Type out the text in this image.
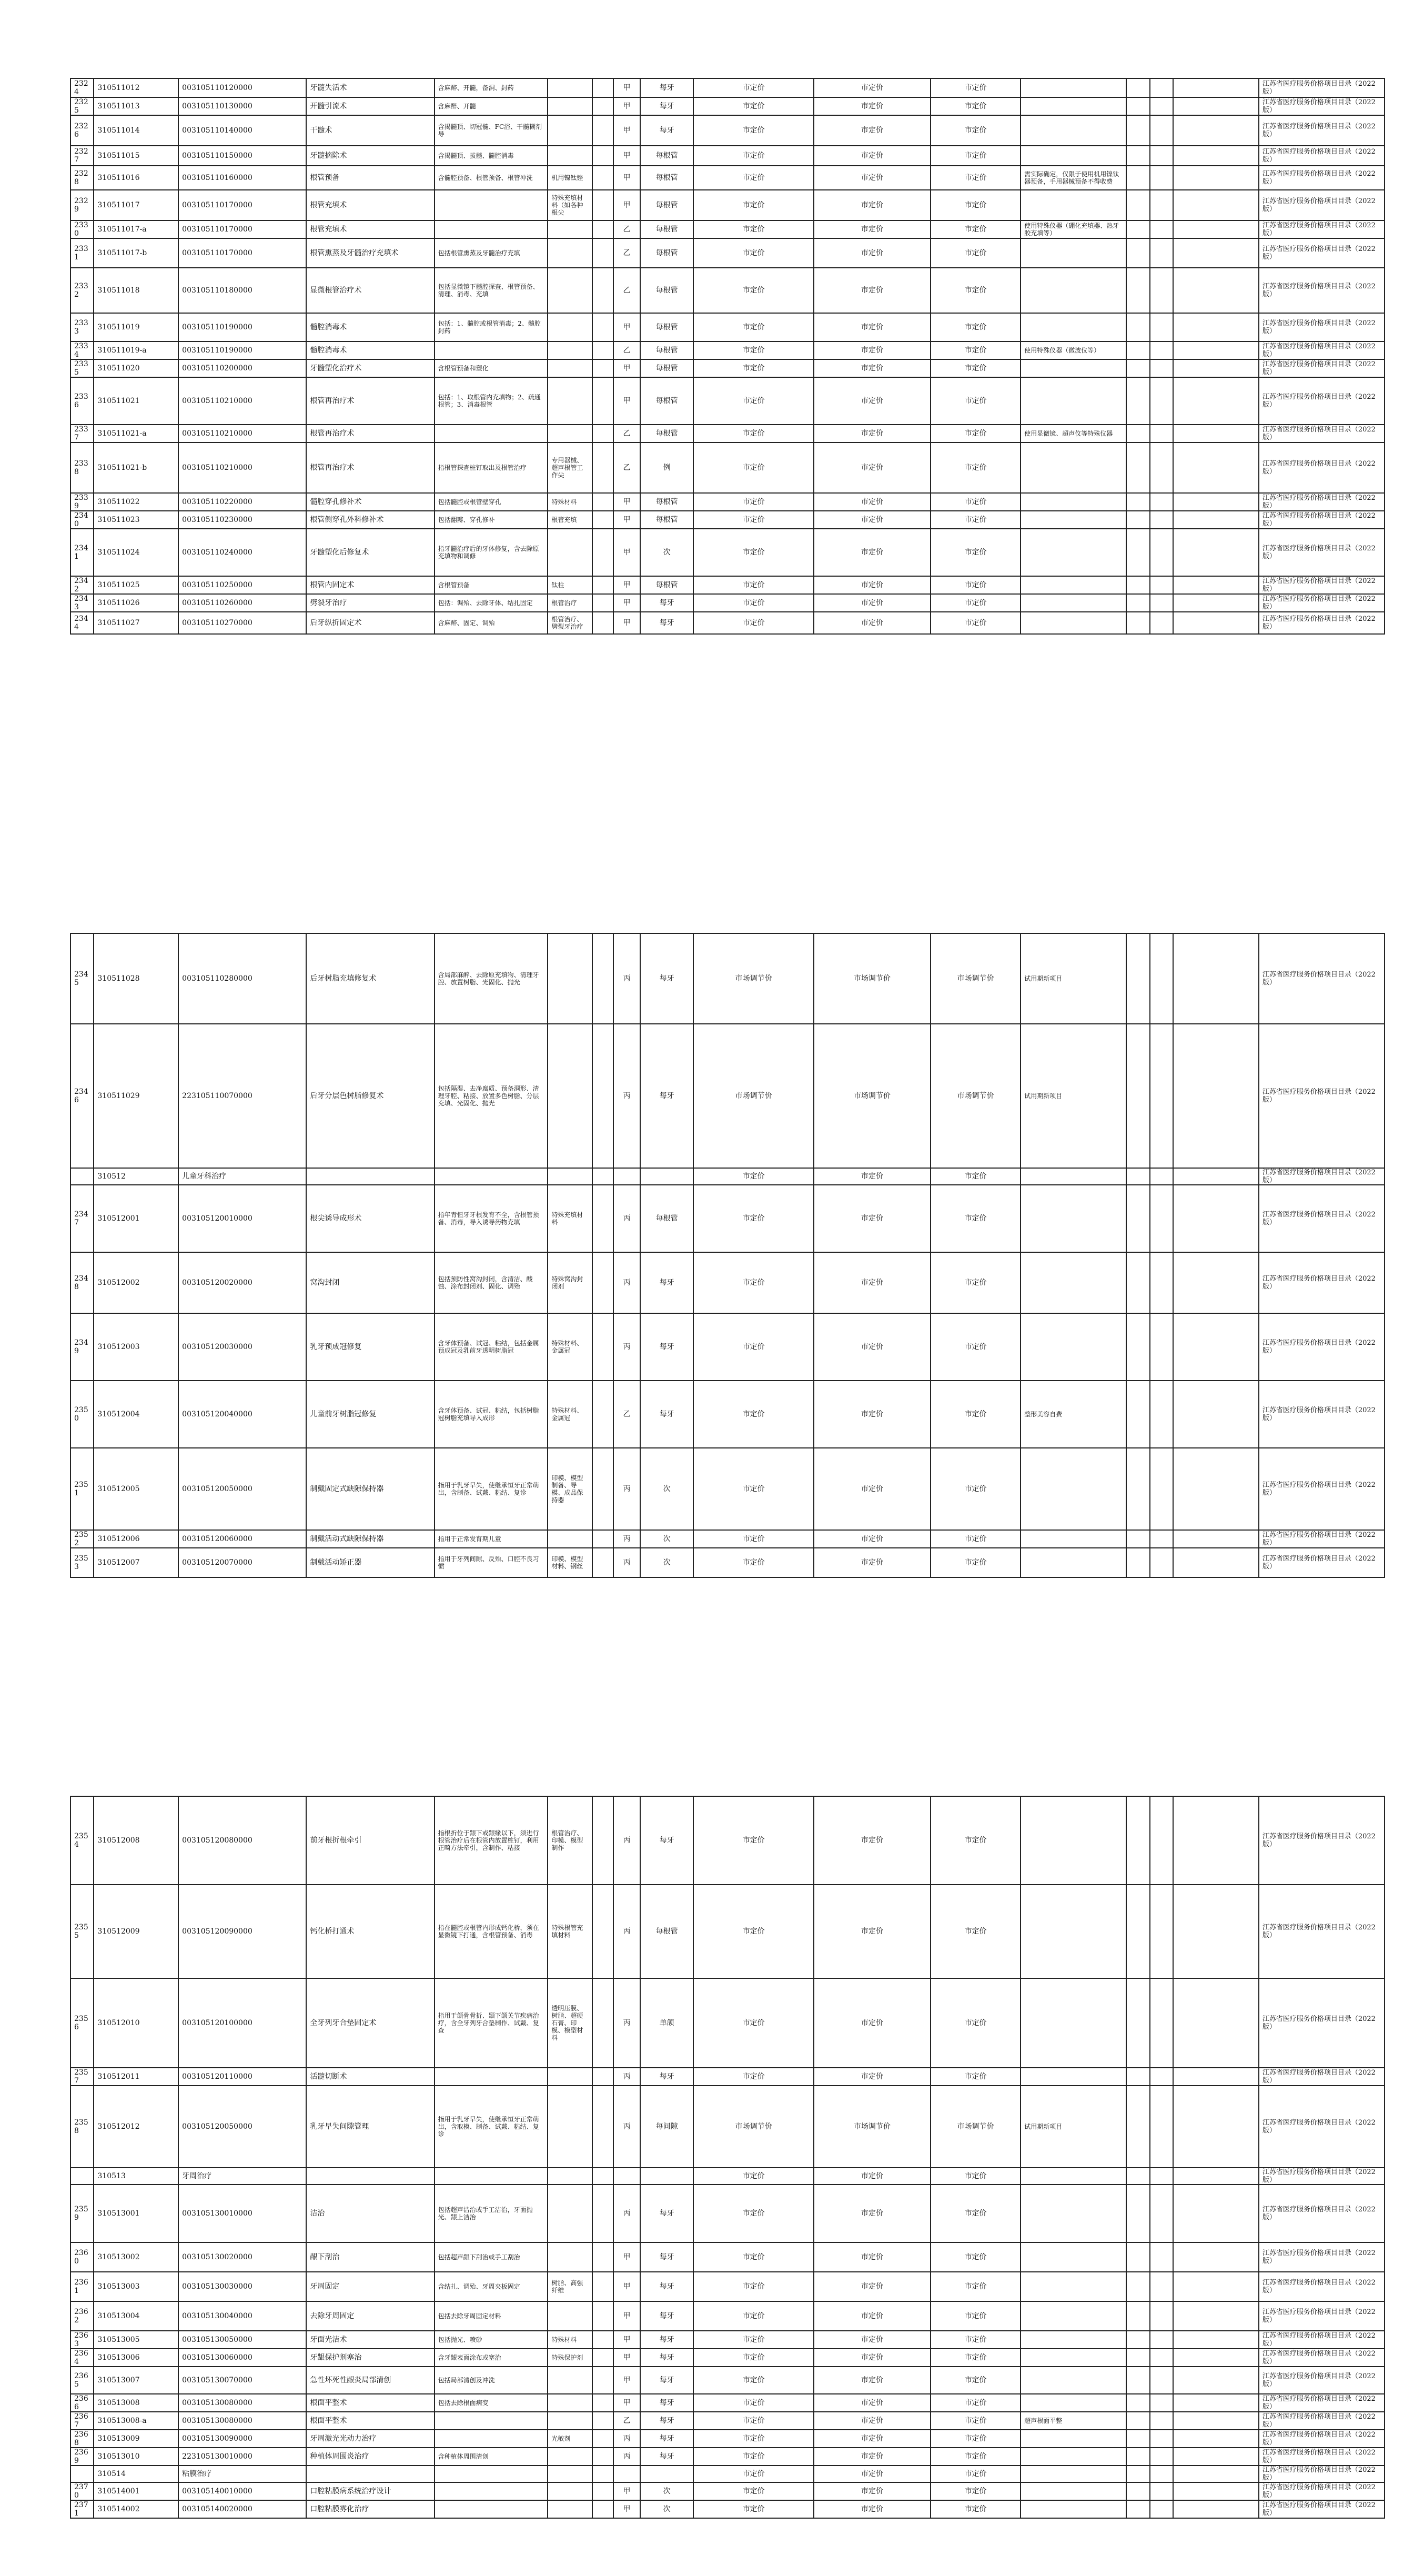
2324	310511012	003105110120000	牙髓失活术	含麻醉、开髓，备洞、封药			甲	每牙	市定价	市定价	市定价					江苏省医疗服务价格项目目录（2022版）
2325	310511013	003105110130000	开髓引流术	含麻醉、开髓			甲	每牙	市定价	市定价	市定价					江苏省医疗服务价格项目目录（2022版）
2326	310511014	003105110140000	干髓术	含揭髓顶、切冠髓、FC浴、干髓糊剂导			甲	每牙	市定价	市定价	市定价					江苏省医疗服务价格项目目录（2022版）
2327	310511015	003105110150000	牙髓摘除术	含揭髓顶、拔髓、髓腔消毒			甲	每根管	市定价	市定价	市定价					江苏省医疗服务价格项目目录（2022版）
2328	310511016	003105110160000	根管预备	含髓腔预备、根管预备、根管冲洗	机用镍钛锉		甲	每根管	市定价	市定价	市定价	需实际确定，仅限于使用机用镍钛器预备，手用器械预备不得收费				江苏省医疗服务价格项目目录（2022版）
2329	310511017	003105110170000	根管充填术		特殊充填材料（如各种根尖		甲	每根管	市定价	市定价	市定价					江苏省医疗服务价格项目目录（2022版）
2330	310511017-a	003105110170000	根管充填术				乙	每根管	市定价	市定价	市定价	使用特殊仪器（硼化充填器、热牙胶充填等）				江苏省医疗服务价格项目目录（2022版）
2331	310511017-b	003105110170000	根管熏蒸及牙髓治疗充填术	包括根管熏蒸及牙髓治疗充填			乙	每根管	市定价	市定价	市定价					江苏省医疗服务价格项目目录（2022版）
2332	310511018	003105110180000	显微根管治疗术	包括显微镜下髓腔探查、根管预备、清理、消毒、充填			乙	每根管	市定价	市定价	市定价					江苏省医疗服务价格项目目录（2022版）
2333	310511019	003105110190000	髓腔消毒术	包括：1、髓腔或根管消毒；2、髓腔封药			甲	每根管	市定价	市定价	市定价					江苏省医疗服务价格项目目录（2022版）
2334	310511019-a	003105110190000	髓腔消毒术				乙	每根管	市定价	市定价	市定价	使用特殊仪器（微波仪等）				江苏省医疗服务价格项目目录（2022版）
2335	310511020	003105110200000	牙髓塑化治疗术	含根管预备和塑化			甲	每根管	市定价	市定价	市定价					江苏省医疗服务价格项目目录（2022版）
2336	310511021	003105110210000	根管再治疗术	包括：1、取根管内充填物；2、疏通根管；3、消毒根管			甲	每根管	市定价	市定价	市定价					江苏省医疗服务价格项目目录（2022版）
2337	310511021-a	003105110210000	根管再治疗术				乙	每根管	市定价	市定价	市定价	使用显微镜、超声仪等特殊仪器				江苏省医疗服务价格项目目录（2022版）
2338	310511021-b	003105110210000	根管再治疗术	指根管探查桩钉取出及根管治疗	专用器械、超声根管工作尖		乙	例	市定价	市定价	市定价					江苏省医疗服务价格项目目录（2022版）
2339	310511022	003105110220000	髓腔穿孔修补术	包括髓腔或根管壁穿孔	特殊材料		甲	每根管	市定价	市定价	市定价					江苏省医疗服务价格项目目录（2022版）
2340	310511023	003105110230000	根管侧穿孔外科修补术	包括翻瓣、穿孔修补	根管充填		甲	每根管	市定价	市定价	市定价					江苏省医疗服务价格项目目录（2022版）
2341	310511024	003105110240000	牙髓塑化后修复术	指牙髓治疗后的牙体修复，含去除原充填物和调修			甲	次	市定价	市定价	市定价					江苏省医疗服务价格项目目录（2022版）
2342	310511025	003105110250000	根管内固定术	含根管预备	钛柱		甲	每根管	市定价	市定价	市定价					江苏省医疗服务价格项目目录（2022版）
2343	310511026	003105110260000	劈裂牙治疗	包括：调殆、去除牙体、结扎固定	根管治疗		甲	每牙	市定价	市定价	市定价					江苏省医疗服务价格项目目录（2022版）
2344	310511027	003105110270000	后牙纵折固定术	含麻醉、固定、调殆	根管治疗、劈裂牙治疗		甲	每牙	市定价	市定价	市定价					江苏省医疗服务价格项目目录（2022版）
2345	310511028	003105110280000	后牙树脂充填修复术	含局部麻醉、去除原充填物、清理牙腔、放置树脂、光固化、抛光			丙	每牙	市场调节价	市场调节价	市场调节价	试用期新项目				江苏省医疗服务价格项目目录（2022版）
2346	310511029	223105110070000	后牙分层色树脂修复术	包括隔湿、去净腐质、预备洞形、清理牙腔、粘接、放置多色树脂、分层充填、光固化、抛光			丙	每牙	市场调节价	市场调节价	市场调节价	试用期新项目				江苏省医疗服务价格项目目录（2022版）
	310512	儿童牙科治疗							市定价	市定价	市定价					江苏省医疗服务价格项目目录（2022版）
2347	310512001	003105120010000	根尖诱导成形术	指年青恒牙牙根发育不全，含根管预备、消毒，导入诱导药物充填	特殊充填材料		丙	每根管	市定价	市定价	市定价					江苏省医疗服务价格项目目录（2022版）
2348	310512002	003105120020000	窝沟封闭	包括预防性窝沟封闭，含清洁、酸蚀、涂布封闭剂、固化、调殆	特殊窝沟封闭剂		丙	每牙	市定价	市定价	市定价					江苏省医疗服务价格项目目录（2022版）
2349	310512003	003105120030000	乳牙预成冠修复	含牙体预备、试冠、粘结，包括金属预成冠及乳前牙透明树脂冠	特殊材料、金属冠		丙	每牙	市定价	市定价	市定价					江苏省医疗服务价格项目目录（2022版）
2350	310512004	003105120040000	儿童前牙树脂冠修复	含牙体预备、试冠、粘结，包括树脂冠树脂充填导入成形	特殊材料、金属冠		乙	每牙	市定价	市定价	市定价	整形美容自费				江苏省医疗服务价格项目目录（2022版）
2351	310512005	003105120050000	制戴固定式缺隙保持器	指用于乳牙早失，使继承恒牙正常萌出，含制备、试戴、粘结、复诊	印模、模型制备、导模、成品保持器		丙	次	市定价	市定价	市定价					江苏省医疗服务价格项目目录（2022版）
2352	310512006	003105120060000	制戴活动式缺隙保持器	指用于正常发育期儿童			丙	次	市定价	市定价	市定价					江苏省医疗服务价格项目目录（2022版）
2353	310512007	003105120070000	制戴活动矫正器	指用于牙列间隙、反殆、口腔不良习惯	印模、模型材料、钢丝		丙	次	市定价	市定价	市定价					江苏省医疗服务价格项目目录（2022版）
2354	310512008	003105120080000	前牙根折根牵引	指根折位于龈下或龈缘以下，须进行根管治疗后在根管内放置桩钉，利用正畸方法牵引，含制作、粘接	根管治疗、印模、模型制作		丙	每牙	市定价	市定价	市定价					江苏省医疗服务价格项目目录（2022版）
2355	310512009	003105120090000	钙化桥打通术	指在髓腔或根管内形成钙化桥，须在显微镜下打通，含根管预备、消毒	特殊根管充填材料		丙	每根管	市定价	市定价	市定价					江苏省医疗服务价格项目目录（2022版）
2356	310512010	003105120100000	全牙列牙合垫固定术	指用于颌骨骨折、颞下颌关节疾病治疗，含全牙列牙合垫制作、试戴、复查	透明压膜、树脂、超硬石膏、印模、模型材料		丙	单颌	市定价	市定价	市定价					江苏省医疗服务价格项目目录（2022版）
2357	310512011	003105120110000	活髓切断术				丙	每牙	市定价	市定价	市定价					江苏省医疗服务价格项目目录（2022版）
2358	310512012	003105120050000	乳牙早失间隙管理	指用于乳牙早失，使继承恒牙正常萌出，含取模、制备、试戴、粘结、复诊			丙	每间隙	市场调节价	市场调节价	市场调节价	试用期新项目				江苏省医疗服务价格项目目录（2022版）
	310513	牙周治疗							市定价	市定价	市定价					江苏省医疗服务价格项目目录（2022版）
2359	310513001	003105130010000	洁治	包括超声洁治或手工洁治，牙面抛光、龈上洁治			丙	每牙	市定价	市定价	市定价					江苏省医疗服务价格项目目录（2022版）
2360	310513002	003105130020000	龈下刮治	包括超声龈下刮治或手工刮治			甲	每牙	市定价	市定价	市定价					江苏省医疗服务价格项目目录（2022版）
2361	310513003	003105130030000	牙周固定	含结扎、调殆、牙周夹板固定	树脂、高强纤维		甲	每牙	市定价	市定价	市定价					江苏省医疗服务价格项目目录（2022版）
2362	310513004	003105130040000	去除牙周固定	包括去除牙周固定材料			甲	每牙	市定价	市定价	市定价					江苏省医疗服务价格项目目录（2022版）
2363	310513005	003105130050000	牙面光洁术	包括抛光、喷砂	特殊材料		甲	每牙	市定价	市定价	市定价					江苏省医疗服务价格项目目录（2022版）
2364	310513006	003105130060000	牙龈保护剂塞治	含牙龈表面涂布或塞治	特殊保护剂		甲	每牙	市定价	市定价	市定价					江苏省医疗服务价格项目目录（2022版）
2365	310513007	003105130070000	急性坏死性龈炎局部清创	包括局部清创及冲洗			甲	每牙	市定价	市定价	市定价					江苏省医疗服务价格项目目录（2022版）
2366	310513008	003105130080000	根面平整术	包括去除根面病变			甲	每牙	市定价	市定价	市定价					江苏省医疗服务价格项目目录（2022版）
2367	310513008-a	003105130080000	根面平整术				乙	每牙	市定价	市定价	市定价	超声根面平整				江苏省医疗服务价格项目目录（2022版）
2368	310513009	003105130090000	牙周激光光动力治疗		光敏剂		丙	每牙	市定价	市定价	市定价					江苏省医疗服务价格项目目录（2022版）
2369	310513010	223105130010000	种植体周围炎治疗	含种植体周围清创			丙	每牙	市定价	市定价	市定价					江苏省医疗服务价格项目目录（2022版）
	310514	粘膜治疗							市定价	市定价	市定价					江苏省医疗服务价格项目目录（2022版）
2370	310514001	003105140010000	口腔粘膜病系统治疗设计				甲	次	市定价	市定价	市定价					江苏省医疗服务价格项目目录（2022版）
2371	310514002	003105140020000	口腔粘膜雾化治疗				甲	次	市定价	市定价	市定价					江苏省医疗服务价格项目目录（2022版）
